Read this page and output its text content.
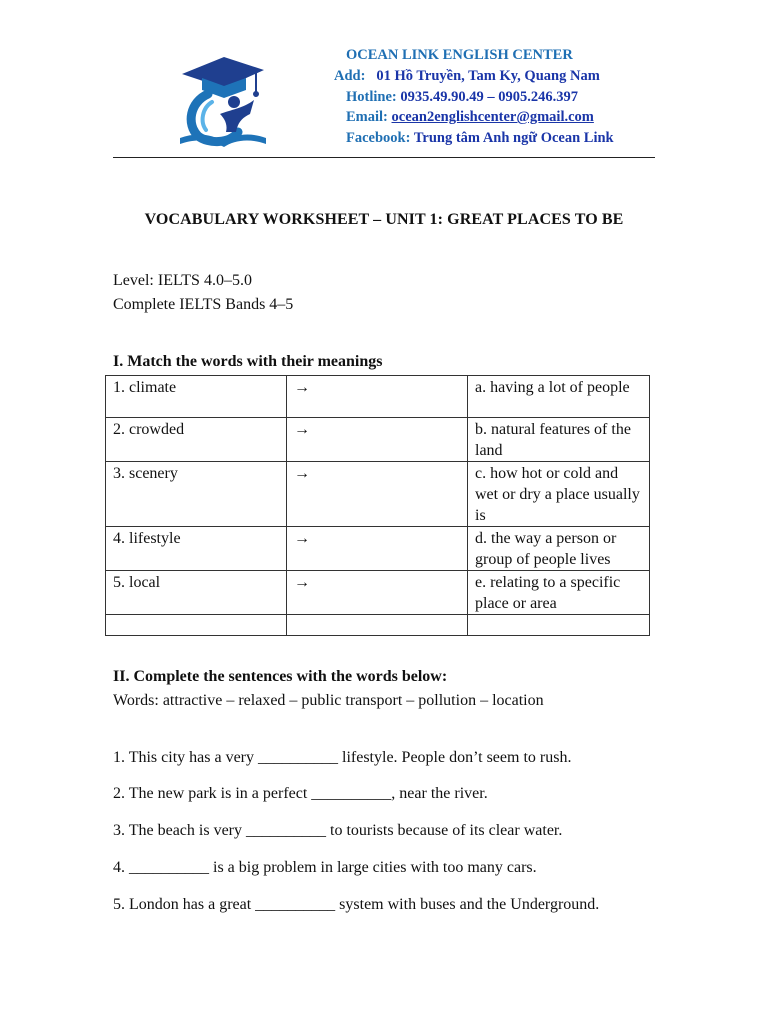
OCEAN LINK ENGLISH CENTER
Add: 01 Hồ Truyền, Tam Ky, Quang Nam
Hotline: 0935.49.90.49 – 0905.246.397
Email: ocean2englishcenter@gmail.com
Facebook: Trung tâm Anh ngữ Ocean Link
VOCABULARY WORKSHEET – UNIT 1: GREAT PLACES TO BE
Level: IELTS 4.0–5.0
Complete IELTS Bands 4–5
I. Match the words with their meanings
1. climate	→	a. having a lot of people
2. crowded	→	b. natural features of the land
3. scenery	→	c. how hot or cold and wet or dry a place usually is
4. lifestyle	→	d. the way a person or group of people lives
5. local	→	e. relating to a specific place or area

II. Complete the sentences with the words below:
Words: attractive – relaxed – public transport – pollution – location
1. This city has a very __________ lifestyle. People don’t seem to rush.
2. The new park is in a perfect __________, near the river.
3. The beach is very __________ to tourists because of its clear water.
4. __________ is a big problem in large cities with too many cars.
5. London has a great __________ system with buses and the Underground.
